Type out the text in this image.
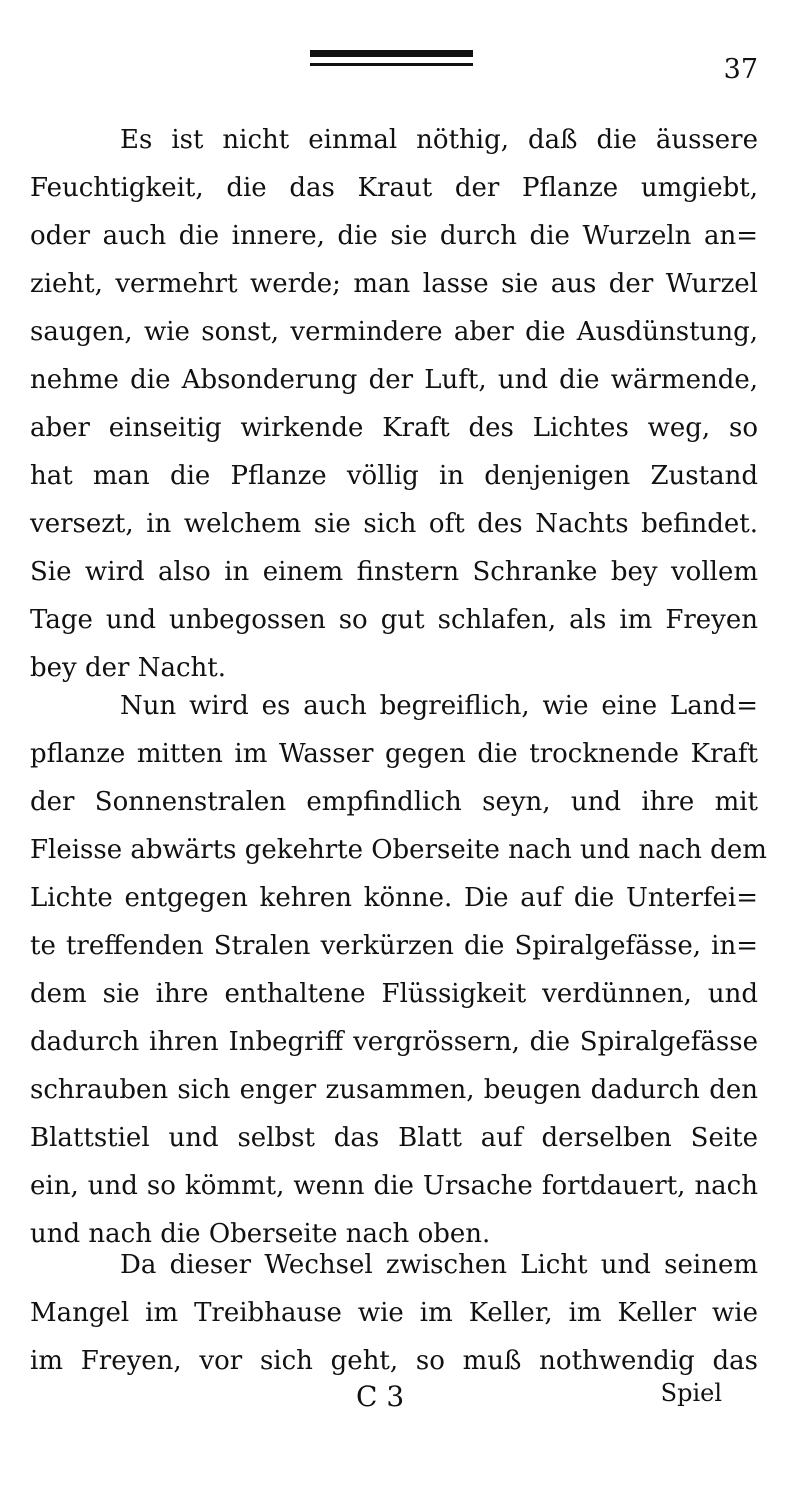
37

Es ist nicht einmal nöthig, daß die äussere
Feuchtigkeit, die das Kraut der Pflanze umgiebt,
oder auch die innere, die sie durch die Wurzeln an=
zieht, vermehrt werde; man lasse sie aus der Wurzel
saugen, wie sonst, vermindere aber die Ausdünstung,
nehme die Absonderung der Luft, und die wärmende,
aber einseitig wirkende Kraft des Lichtes weg, so
hat man die Pflanze völlig in denjenigen Zustand
versezt, in welchem sie sich oft des Nachts befindet.
Sie wird also in einem finstern Schranke bey vollem
Tage und unbegossen so gut schlafen, als im Freyen
bey der Nacht.

Nun wird es auch begreiflich, wie eine Land=
pflanze mitten im Wasser gegen die trocknende Kraft
der Sonnenstralen empfindlich seyn, und ihre mit
Fleisse abwärts gekehrte Oberseite nach und nach dem
Lichte entgegen kehren könne. Die auf die Unterfei=
te treffenden Stralen verkürzen die Spiralgefässe, in=
dem sie ihre enthaltene Flüssigkeit verdünnen, und
dadurch ihren Inbegriff vergrössern, die Spiralgefässe
schrauben sich enger zusammen, beugen dadurch den
Blattstiel und selbst das Blatt auf derselben Seite
ein, und so kömmt, wenn die Ursache fortdauert, nach
und nach die Oberseite nach oben.

Da dieser Wechsel zwischen Licht und seinem
Mangel im Treibhause wie im Keller, im Keller wie
im Freyen, vor sich geht, so muß nothwendig das

C 3	Spiel
